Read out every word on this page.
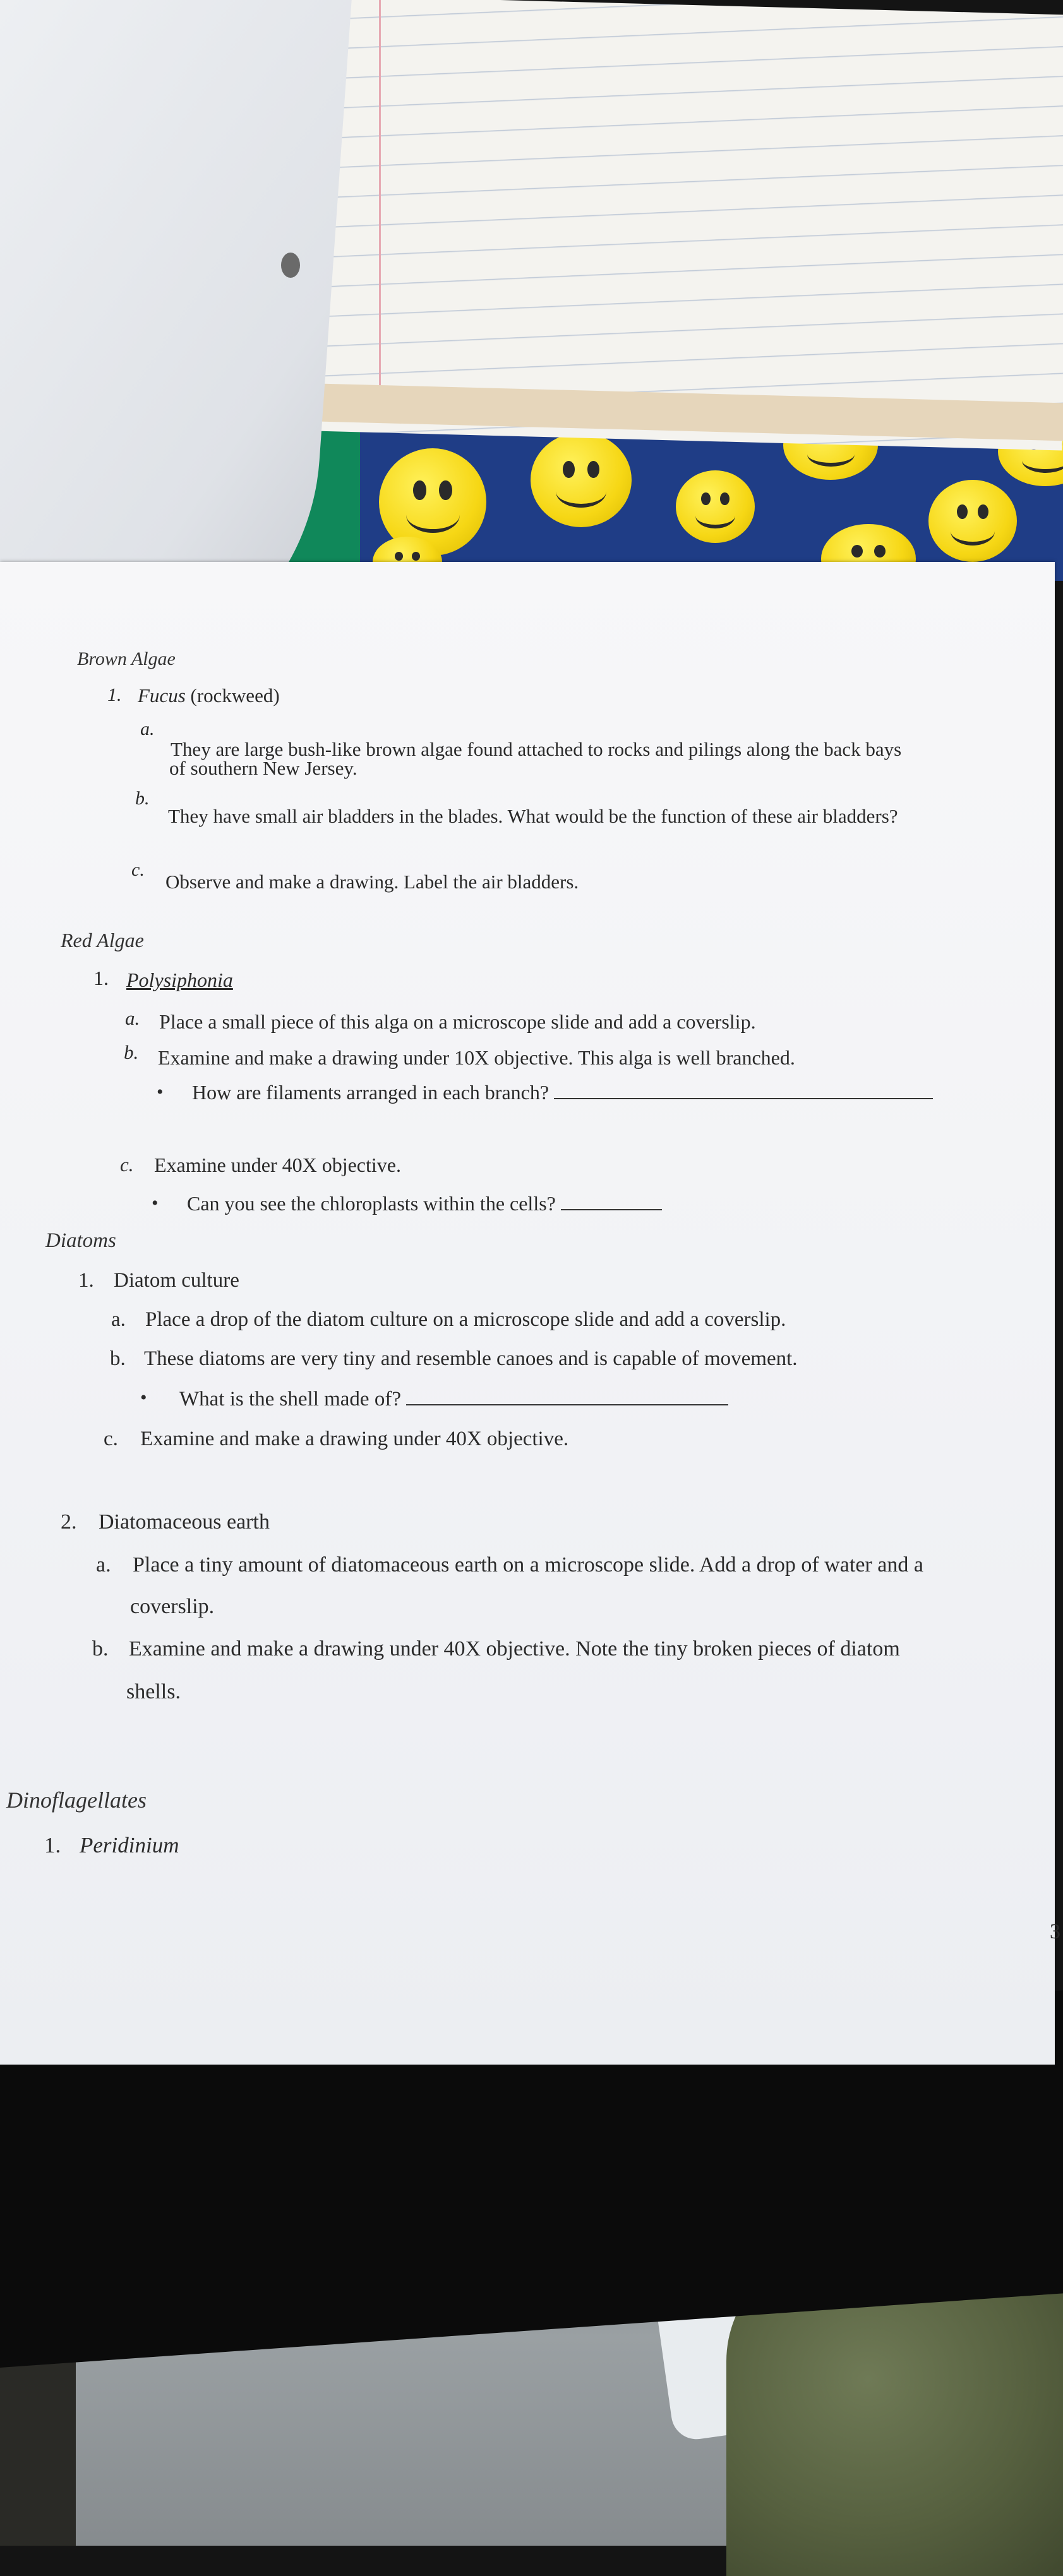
Brown Algae
1. Fucus (rockweed)
a.
They are large bush-like brown algae found attached to rocks and pilings along the back bays
of southern New Jersey.
b.
They have small air bladders in the blades. What would be the function of these air bladders?
c.
Observe and make a drawing. Label the air bladders.
Red Algae
1. Polysiphonia
a. Place a small piece of this alga on a microscope slide and add a coverslip.
b. Examine and make a drawing under 10X objective. This alga is well branched.
• How are filaments arranged in each branch?
c. Examine under 40X objective.
• Can you see the chloroplasts within the cells?
Diatoms
1. Diatom culture
a. Place a drop of the diatom culture on a microscope slide and add a coverslip.
b. These diatoms are very tiny and resemble canoes and is capable of movement.
• What is the shell made of?
c. Examine and make a drawing under 40X objective.
2. Diatomaceous earth
a. Place a tiny amount of diatomaceous earth on a microscope slide. Add a drop of water and a
coverslip.
b. Examine and make a drawing under 40X objective. Note the tiny broken pieces of diatom
shells.
Dinoflagellates
1. Peridinium
3
